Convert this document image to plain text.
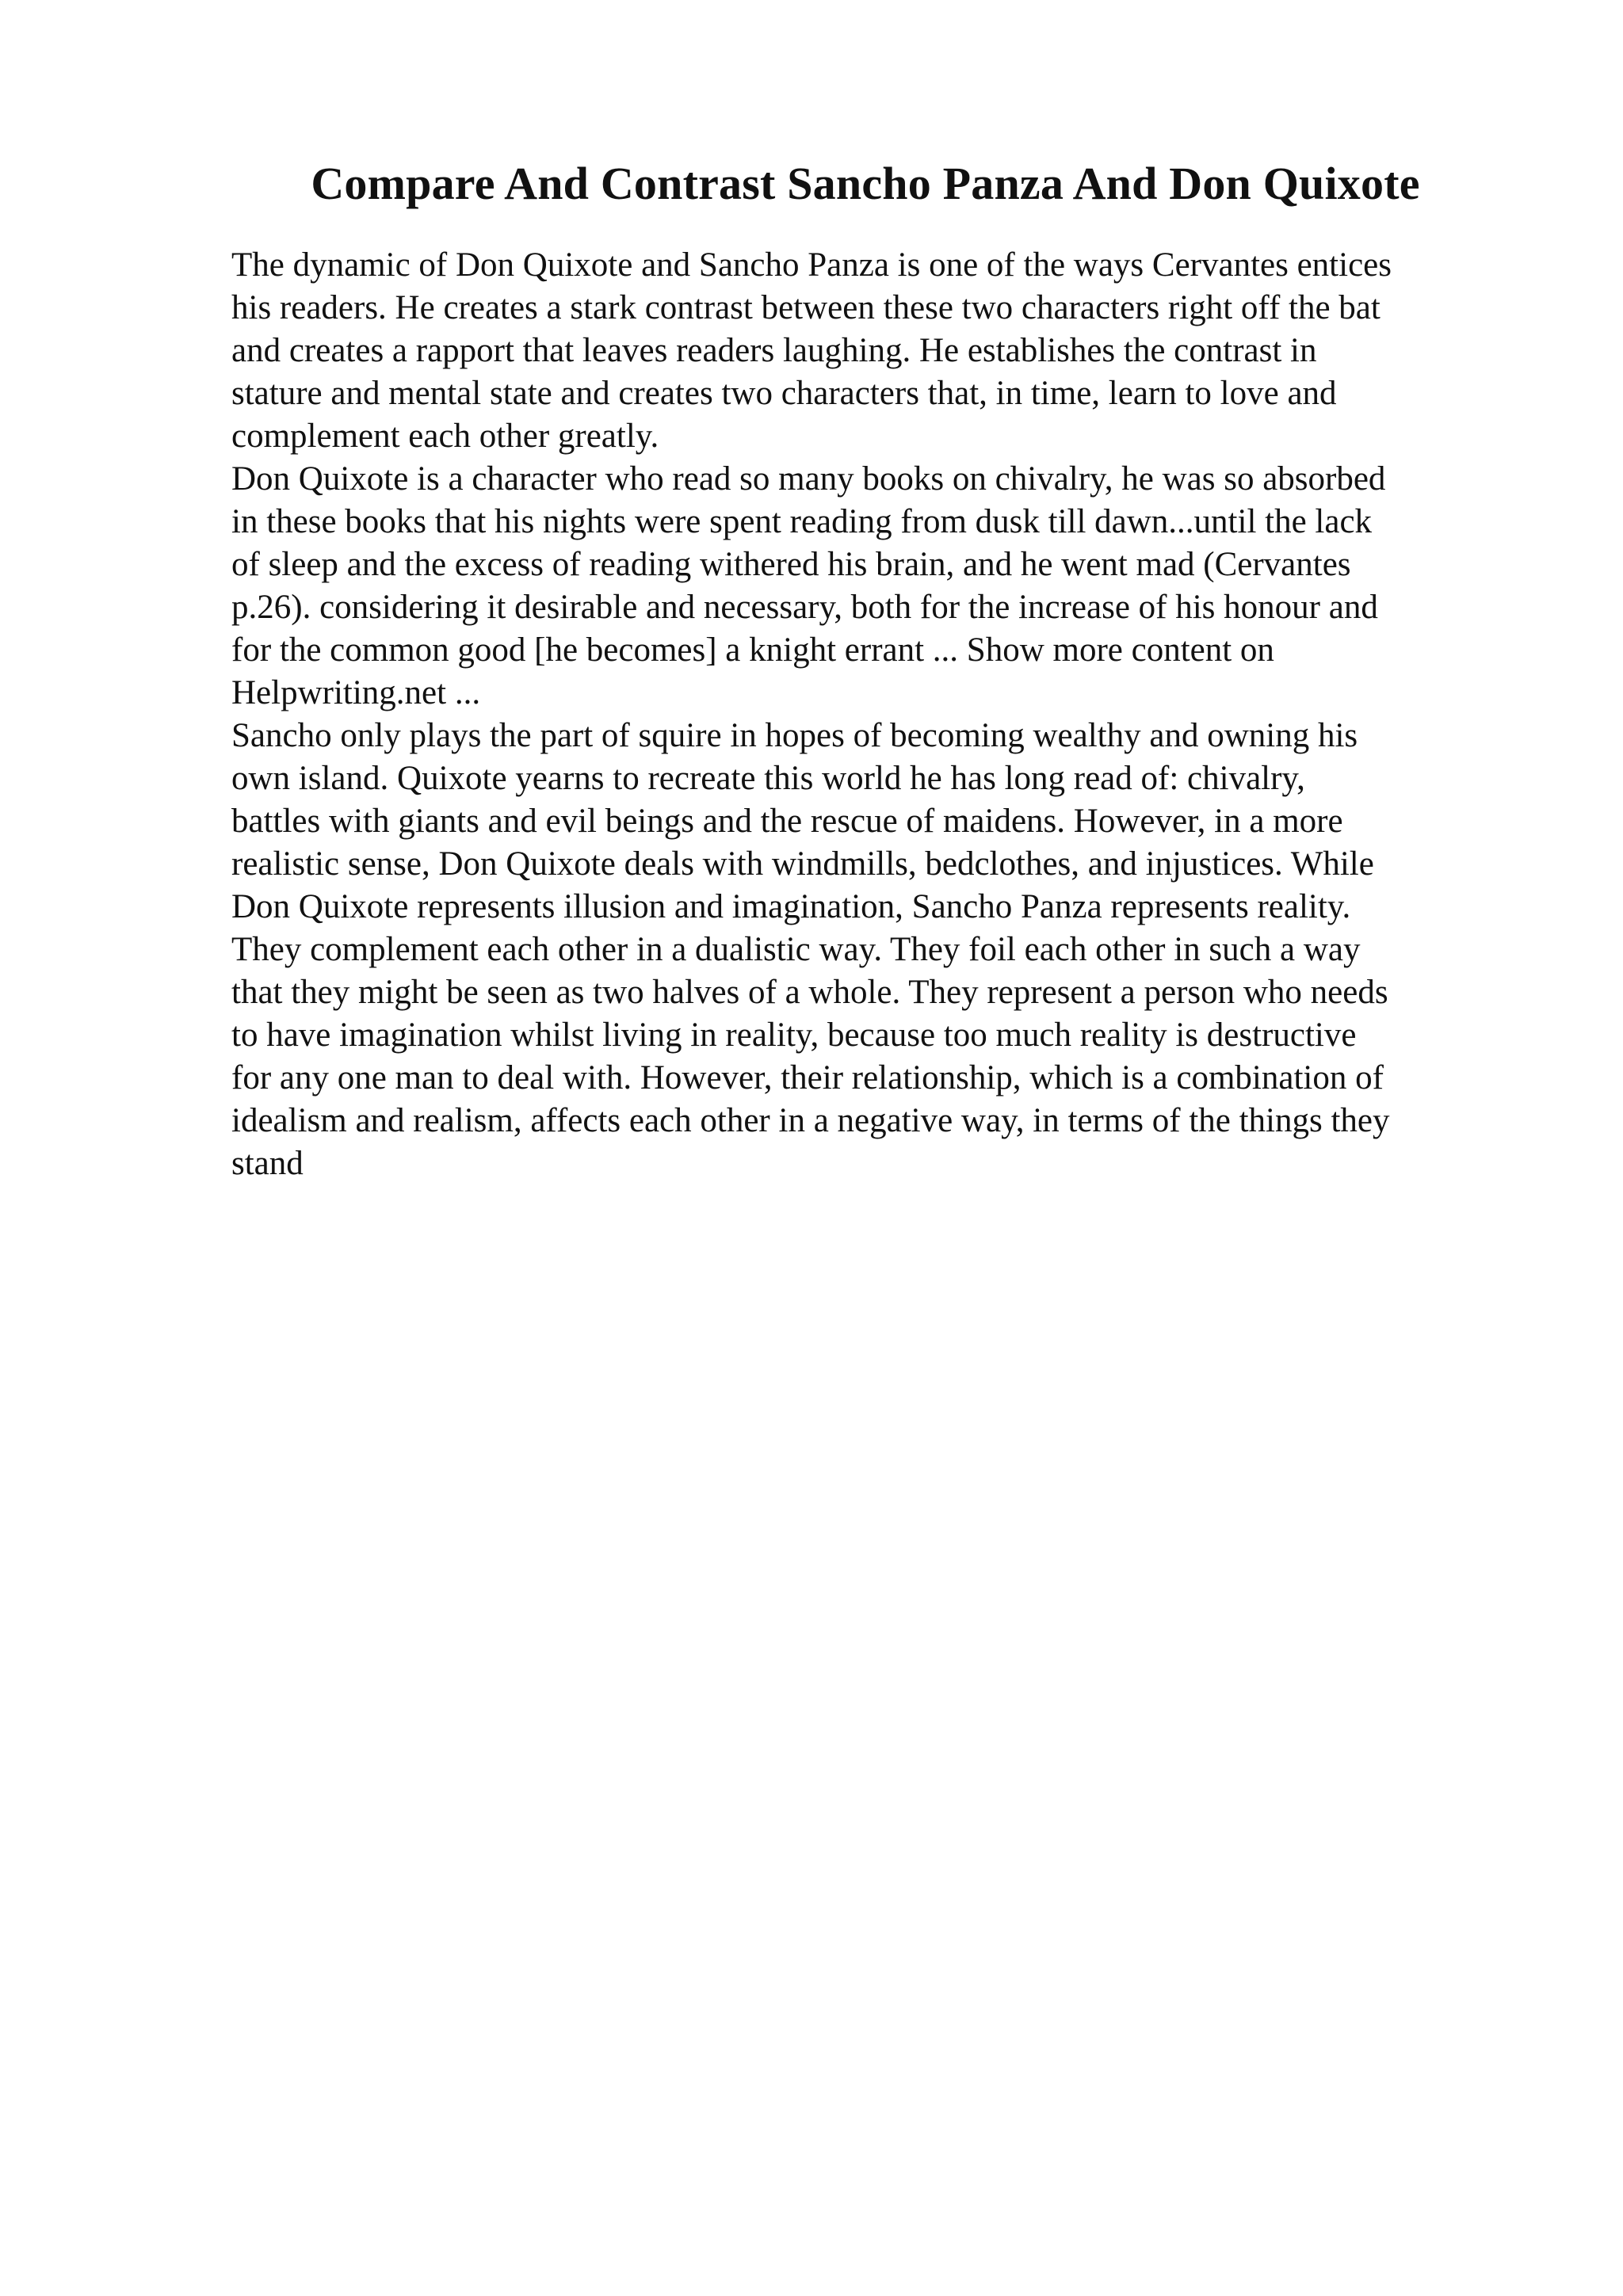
Compare And Contrast Sancho Panza And Don Quixote

The dynamic of Don Quixote and Sancho Panza is one of the ways Cervantes entices
his readers. He creates a stark contrast between these two characters right off the bat
and creates a rapport that leaves readers laughing. He establishes the contrast in
stature and mental state and creates two characters that, in time, learn to love and
complement each other greatly.

Don Quixote is a character who read so many books on chivalry, he was so absorbed
in these books that his nights were spent reading from dusk till dawn...until the lack
of sleep and the excess of reading withered his brain, and he went mad (Cervantes
p.26). considering it desirable and necessary, both for the increase of his honour and
for the common good [he becomes] a knight errant ... Show more content on
Helpwriting.net ...

Sancho only plays the part of squire in hopes of becoming wealthy and owning his
own island. Quixote yearns to recreate this world he has long read of: chivalry,
battles with giants and evil beings and the rescue of maidens. However, in a more
realistic sense, Don Quixote deals with windmills, bedclothes, and injustices. While
Don Quixote represents illusion and imagination, Sancho Panza represents reality.
They complement each other in a dualistic way. They foil each other in such a way
that they might be seen as two halves of a whole. They represent a person who needs
to have imagination whilst living in reality, because too much reality is destructive
for any one man to deal with. However, their relationship, which is a combination of
idealism and realism, affects each other in a negative way, in terms of the things they
stand
